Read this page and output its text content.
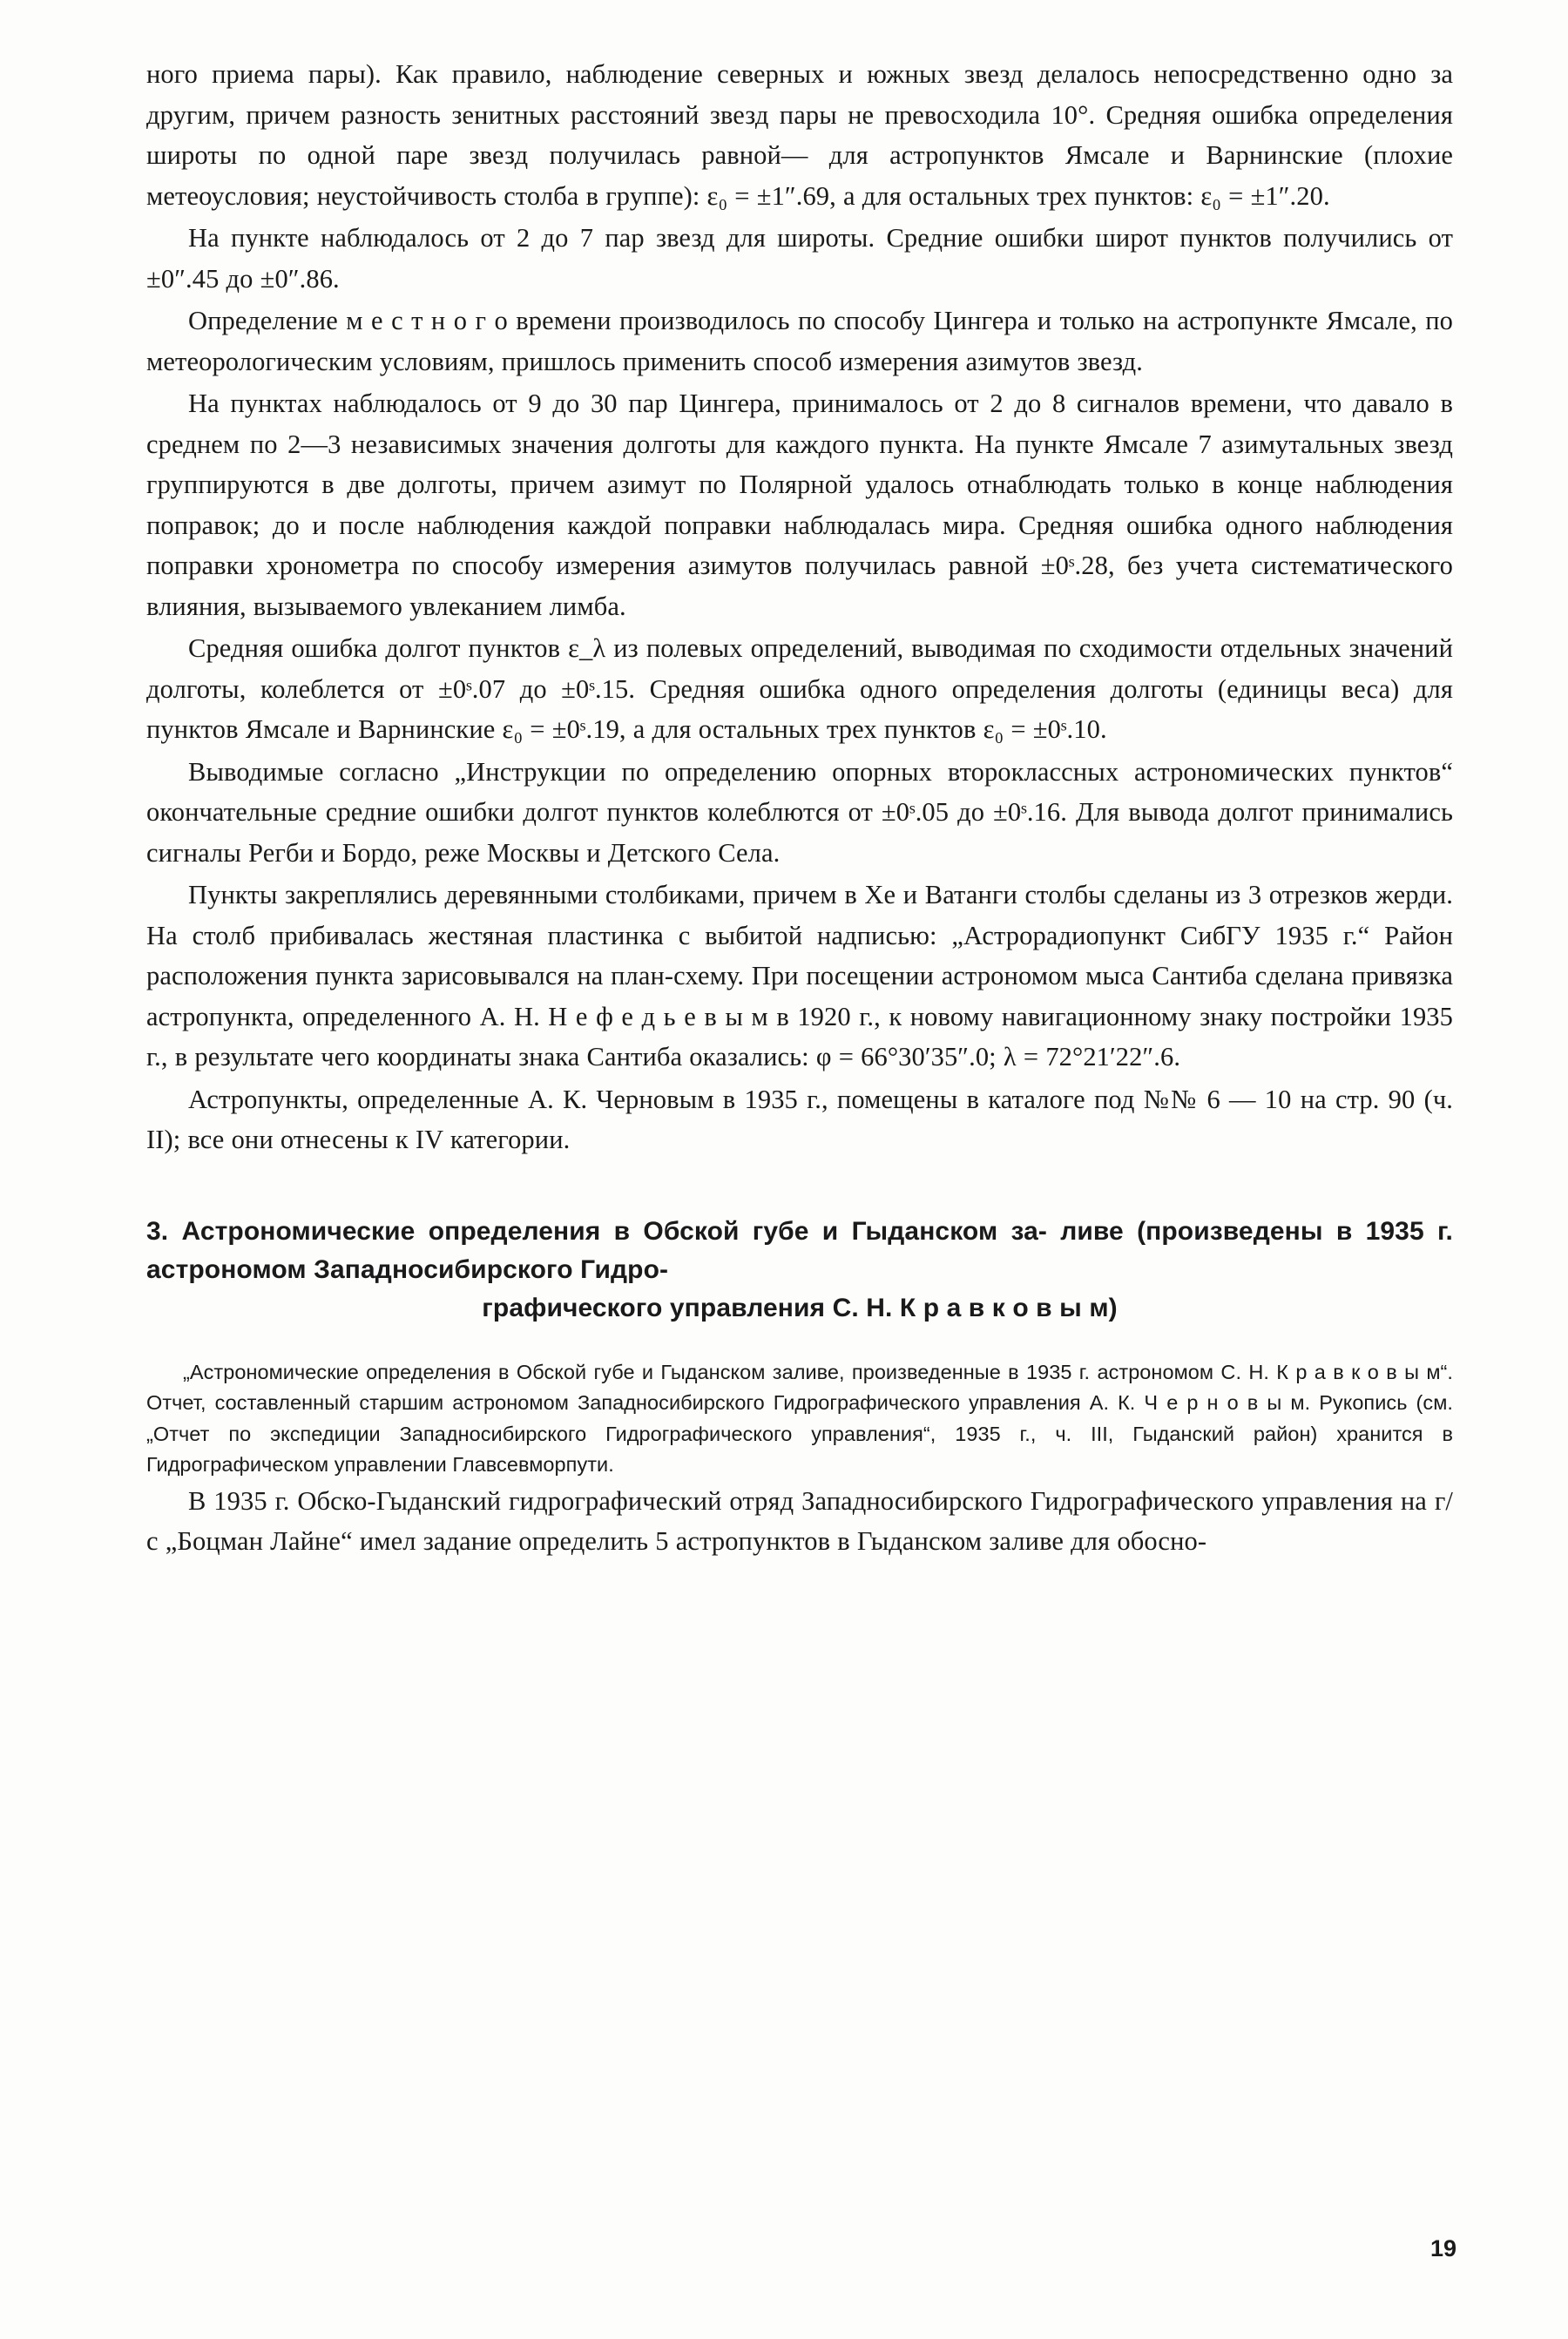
ного приема пары). Как правило, наблюдение северных и южных звезд делалось непосредственно одно за другим, причем разность зенитных расстояний звезд пары не превосходила 10°. Средняя ошибка определения широты по одной паре звезд получилась равной— для астропунктов Ямсале и Варнинские (плохие метеоусловия; неустойчивость столба в группе): ε₀ = ±1″.69, а для остальных трех пунктов: ε₀ = ±1″.20.

На пункте наблюдалось от 2 до 7 пар звезд для широты. Средние ошибки широт пунктов получились от ±0″.45 до ±0″.86.

Определение м е с т н о г о времени производилось по способу Цингера и только на астропункте Ямсале, по метеорологическим условиям, пришлось применить способ измерения азимутов звезд.

На пунктах наблюдалось от 9 до 30 пар Цингера, принималось от 2 до 8 сигналов времени, что давало в среднем по 2—3 независимых значения долготы для каждого пункта. На пункте Ямсале 7 азимутальных звезд группируются в две долготы, причем азимут по Полярной удалось отнаблюдать только в конце наблюдения поправок; до и после наблюдения каждой поправки наблюдалась мира. Средняя ошибка одного наблюдения поправки хронометра по способу измерения азимутов получилась равной ±0ˢ.28, без учета систематического влияния, вызываемого увлеканием лимба.

Средняя ошибка долгот пунктов ε_λ из полевых определений, выводимая по сходимости отдельных значений долготы, колеблется от ±0ˢ.07 до ±0ˢ.15. Средняя ошибка одного определения долготы (единицы веса) для пунктов Ямсале и Варнинские ε₀ = ±0ˢ.19, а для остальных трех пунктов ε₀ = ±0ˢ.10.

Выводимые согласно „Инструкции по определению опорных второклассных астрономических пунктов“ окончательные средние ошибки долгот пунктов колеблются от ±0ˢ.05 до ±0ˢ.16. Для вывода долгот принимались сигналы Регби и Бордо, реже Москвы и Детского Села.

Пункты закреплялись деревянными столбиками, причем в Хе и Ватанги столбы сделаны из 3 отрезков жерди. На столб прибивалась жестяная пластинка с выбитой надписью: „Астрорадиопункт СибГУ 1935 г.“ Район расположения пункта зарисовывался на план-схему. При посещении астрономом мыса Сантиба сделана привязка астропункта, определенного А. Н. Н е ф е д ь е в ы м в 1920 г., к новому навигационному знаку постройки 1935 г., в результате чего координаты знака Сантиба оказались: φ = 66°30′35″.0; λ = 72°21′22″.6.

Астропункты, определенные А. К. Черновым в 1935 г., помещены в каталоге под №№ 6 — 10 на стр. 90 (ч. II); все они отнесены к IV категории.

3. Астрономические определения в Обской губе и Гыданском за- ливе (произведены в 1935 г. астрономом Западносибирского Гидро-
графического управления С. Н. К р а в к о в ы м)
„Астрономические определения в Обской губе и Гыданском заливе, произведенные в 1935 г. астрономом С. Н. К р а в к о в ы м“. Отчет, составленный старшим астрономом Западносибирского Гидрографического управления А. К. Ч е р н о в ы м. Рукопись (см. „Отчет по экспедиции Западносибирского Гидрографического управления“, 1935 г., ч. III, Гыданский район) хранится в Гидрографическом управлении Главсевморпути.

В 1935 г. Обско-Гыданский гидрографический отряд Западносибирского Гидрографического управления на г/с „Боцман Лайне“ имел задание определить 5 астропунктов в Гыданском заливе для обосно-

19
